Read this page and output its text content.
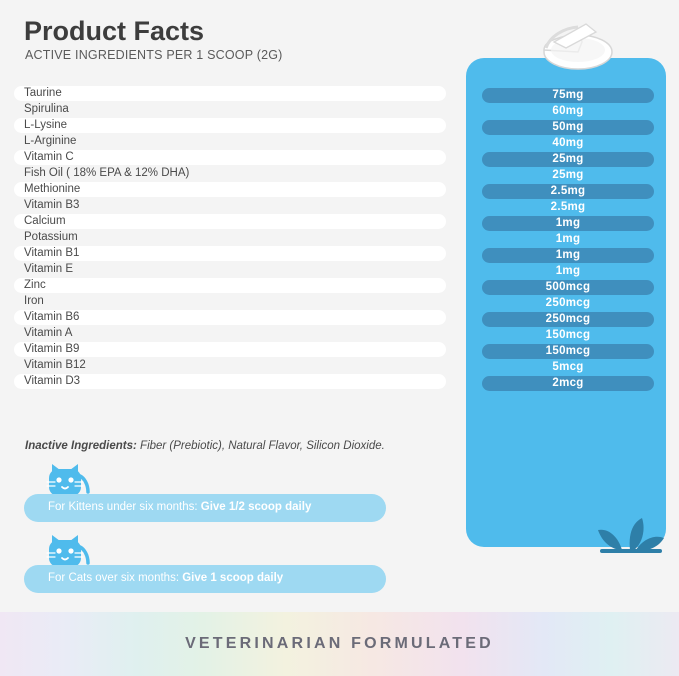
Product Facts
ACTIVE INGREDIENTS PER 1 SCOOP (2G)
Taurine
Spirulina
L-Lysine
L-Arginine
Vitamin C
Fish Oil ( 18% EPA & 12% DHA)
Methionine
Vitamin B3
Calcium
Potassium
Vitamin B1
Vitamin E
Zinc
Iron
Vitamin B6
Vitamin A
Vitamin B9
Vitamin B12
Vitamin D3
75mg
60mg
50mg
40mg
25mg
25mg
2.5mg
2.5mg
1mg
1mg
1mg
1mg
500mcg
250mcg
250mcg
150mcg
150mcg
5mcg
2mcg
Inactive Ingredients: Fiber (Prebiotic), Natural Flavor, Silicon Dioxide.
For Kittens under six months: Give 1/2 scoop daily
For Cats over six months: Give 1 scoop daily
VETERINARIAN FORMULATED
